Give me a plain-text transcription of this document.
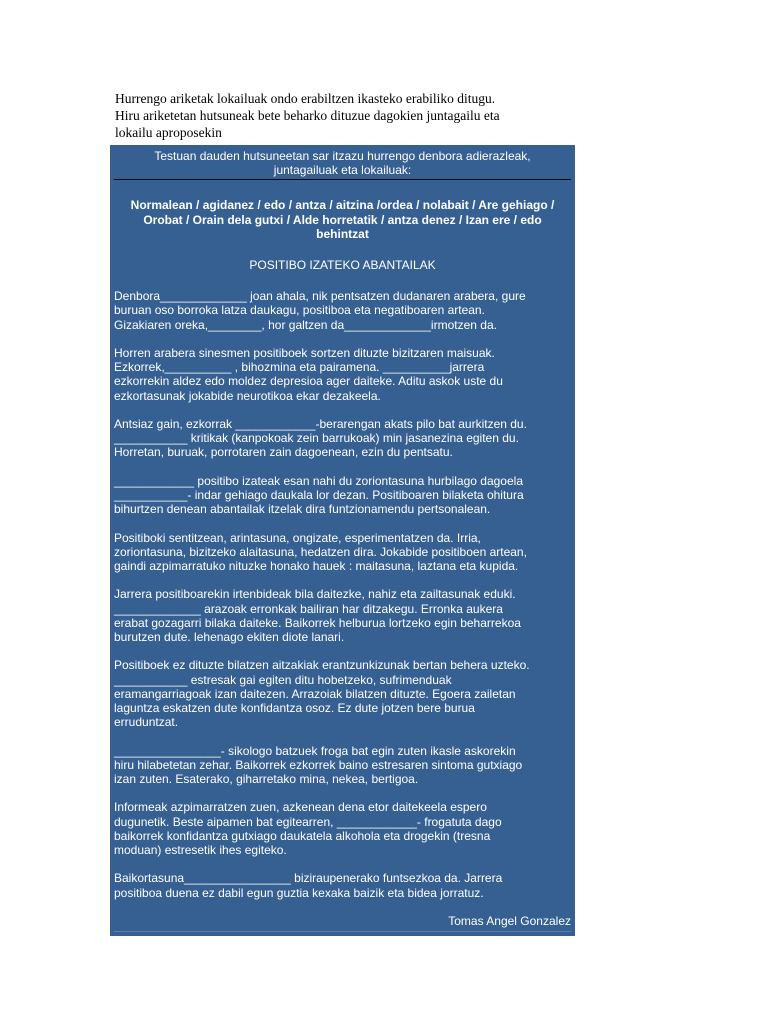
Hurrengo ariketak lokailuak ondo erabiltzen ikasteko erabiliko ditugu.

Hiru ariketetan hutsuneak bete beharko dituzue dagokien juntagailu eta

lokailu aproposekin

Testuan dauden hutsuneetan sar itzazu hurrengo denbora adierazleak,
juntagailuak eta lokailuak:
Normalean / agidanez / edo / antza / aitzina /ordea / nolabait / Are gehiago /
Orobat / Orain dela gutxi / Alde horretatik / antza denez / Izan ere / edo
behintzat
POSITIBO IZATEKO ABANTAILAK

Denbora_____________ joan ahala, nik pentsatzen dudanaren arabera, gure
buruan oso borroka latza daukagu, positiboa eta negatiboaren artean.
Gizakiaren oreka,________, hor galtzen da_____________irmotzen da.

Horren arabera sinesmen positiboek sortzen dituzte bizitzaren maisuak.
Ezkorrek,__________ , bihozmina eta pairamena. __________jarrera
ezkorrekin aldez edo moldez depresioa ager daiteke. Aditu askok uste du
ezkortasunak jokabide neurotikoa ekar dezakeela.

Antsiaz gain, ezkorrak ____________-berarengan akats pilo bat aurkitzen du.
___________ kritikak (kanpokoak zein barrukoak) min jasanezina egiten du.
Horretan, buruak, porrotaren zain dagoenean, ezin du pentsatu.

____________ positibo izateak esan nahi du zoriontasuna hurbilago dagoela
___________- indar gehiago daukala lor dezan. Positiboaren bilaketa ohitura
bihurtzen denean abantailak itzelak dira funtzionamendu pertsonalean.

Positiboki sentitzean, arintasuna, ongizate, esperimentatzen da. Irria,
zoriontasuna, bizitzeko alaitasuna, hedatzen dira. Jokabide positiboen artean,
gaindi azpimarratuko nituzke honako hauek : maitasuna, laztana eta kupida.

Jarrera positiboarekin irtenbideak bila daitezke, nahiz eta zailtasunak eduki.
_____________ arazoak erronkak bailiran har ditzakegu. Erronka aukera
erabat gozagarri bilaka daiteke. Baikorrek helburua lortzeko egin beharrekoa
burutzen dute. lehenago ekiten diote lanari.

Positiboek ez dituzte bilatzen aitzakiak erantzunkizunak bertan behera uzteko.
___________ estresak gai egiten ditu hobetzeko, sufrimenduak
eramangarriagoak izan daitezen. Arrazoiak bilatzen dituzte. Egoera zailetan
laguntza eskatzen dute konfidantza osoz. Ez dute jotzen bere burua
erruduntzat.

________________- sikologo batzuek froga bat egin zuten ikasle askorekin
hiru hilabetetan zehar. Baikorrek ezkorrek baino estresaren sintoma gutxiago
izan zuten. Esaterako, giharretako mina, nekea, bertigoa.

Informeak azpimarratzen zuen, azkenean dena etor daitekeela espero
dugunetik. Beste aipamen bat egitearren, ____________- frogatuta dago
baikorrek konfidantza gutxiago daukatela alkohola eta drogekin (tresna
moduan) estresetik ihes egiteko.

Baikortasuna________________ biziraupenerako funtsezkoa da. Jarrera
positiboa duena ez dabil egun guztia kexaka baizik eta bidea jorratuz.

Tomas Angel Gonzalez
